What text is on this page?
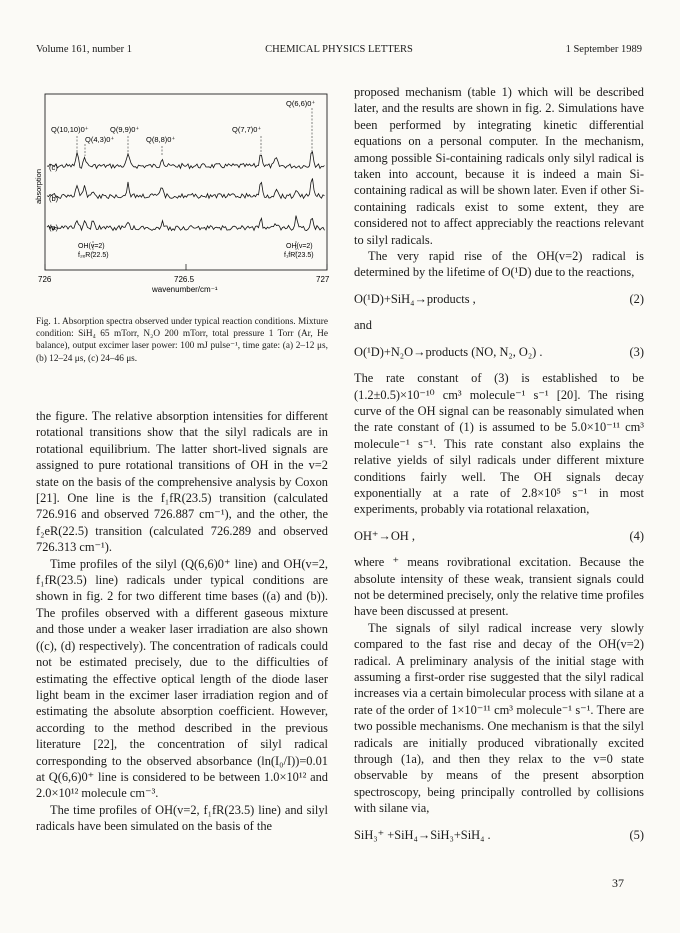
Volume 161, number 1	CHEMICAL PHYSICS LETTERS	1 September 1989
Q(6,6)0⁺
Q(10,10)0⁺	Q(9,9)0⁺	Q(7,7)0⁺
Q(4,3)0⁺	Q(8,8)0⁺
(c)
(b)
(a)
absorption
OH(v=2)
f₂ₑR(22.5)
OH(v=2)
f₁fR(23.5)
726	726.5	727
wavenumber/cm⁻¹
Fig. 1. Absorption spectra observed under typical reaction conditions. Mixture condition: SiH₄ 65 mTorr, N₂O 200 mTorr, total pressure 1 Torr (Ar, He balance), output excimer laser power: 100 mJ pulse⁻¹, time gate: (a) 2–12 μs, (b) 12–24 μs, (c) 24–46 μs.

the figure. The relative absorption intensities for different rotational transitions show that the silyl radicals are in rotational equilibrium. The latter short-lived signals are assigned to pure rotational transitions of OH in the v=2 state on the basis of the comprehensive analysis by Coxon [21]. One line is the f₁fR(23.5) transition (calculated 726.916 and observed 726.887 cm⁻¹), and the other, the f₂eR(22.5) transition (calculated 726.289 and observed 726.313 cm⁻¹).

Time profiles of the silyl (Q(6,6)0⁺ line) and OH(v=2, f₁fR(23.5) line) radicals under typical conditions are shown in fig. 2 for two different time bases ((a) and (b)). The profiles observed with a different gaseous mixture and those under a weaker laser irradiation are also shown ((c), (d) respectively). The concentration of radicals could not be estimated precisely, due to the difficulties of estimating the effective optical length of the diode laser light beam in the excimer laser irradiation region and of estimating the absolute absorption coefficient. However, according to the method described in the previous literature [22], the concentration of silyl radical corresponding to the observed absorbance (ln(I₀/I))=0.01 at Q(6,6)0⁺ line is considered to be between 1.0×10¹² and 2.0×10¹² molecule cm⁻³.

The time profiles of OH(v=2, f₁fR(23.5) line) and silyl radicals have been simulated on the basis of the

proposed mechanism (table 1) which will be described later, and the results are shown in fig. 2. Simulations have been performed by integrating kinetic differential equations on a personal computer. In the mechanism, among possible Si-containing radicals only silyl radical is taken into account, because it is indeed a main Si-containing radical as will be shown later. Even if other Si-containing radicals exist to some extent, they are considered not to affect appreciably the reactions relevant to silyl radicals.

The very rapid rise of the OH(v=2) radical is determined by the lifetime of O(¹D) due to the reactions,

O(¹D)+SiH₄→products ,	(2)

and

O(¹D)+N₂O→products (NO, N₂, O₂) .	(3)

The rate constant of (3) is established to be (1.2±0.5)×10⁻¹⁰ cm³ molecule⁻¹ s⁻¹ [20]. The rising curve of the OH signal can be reasonably simulated when the rate constant of (1) is assumed to be 5.0×10⁻¹¹ cm³ molecule⁻¹ s⁻¹. This rate constant also explains the relative yields of silyl radicals under different mixture conditions fairly well. The OH signals decay exponentially at a rate of 2.8×10⁵ s⁻¹ in most experiments, probably via rotational relaxation,

OH⁺→OH ,	(4)

where ⁺ means rovibrational excitation. Because the absolute intensity of these weak, transient signals could not be determined precisely, only the relative time profiles have been discussed at present.

The signals of silyl radical increase very slowly compared to the fast rise and decay of the OH(v=2) radical. A preliminary analysis of the initial stage with assuming a first-order rise suggested that the silyl radical increases via a certain bimolecular process with silane at a rate of the order of 1×10⁻¹¹ cm³ molecule⁻¹ s⁻¹. There are two possible mechanisms. One mechanism is that the silyl radicals are initially produced vibrationally excited through (1a), and then they relax to the v=0 state observable by means of the present absorption spectroscopy, being principally controlled by collisions with silane via,

SiH₃⁺ +SiH₄→SiH₃+SiH₄ .	(5)
37
